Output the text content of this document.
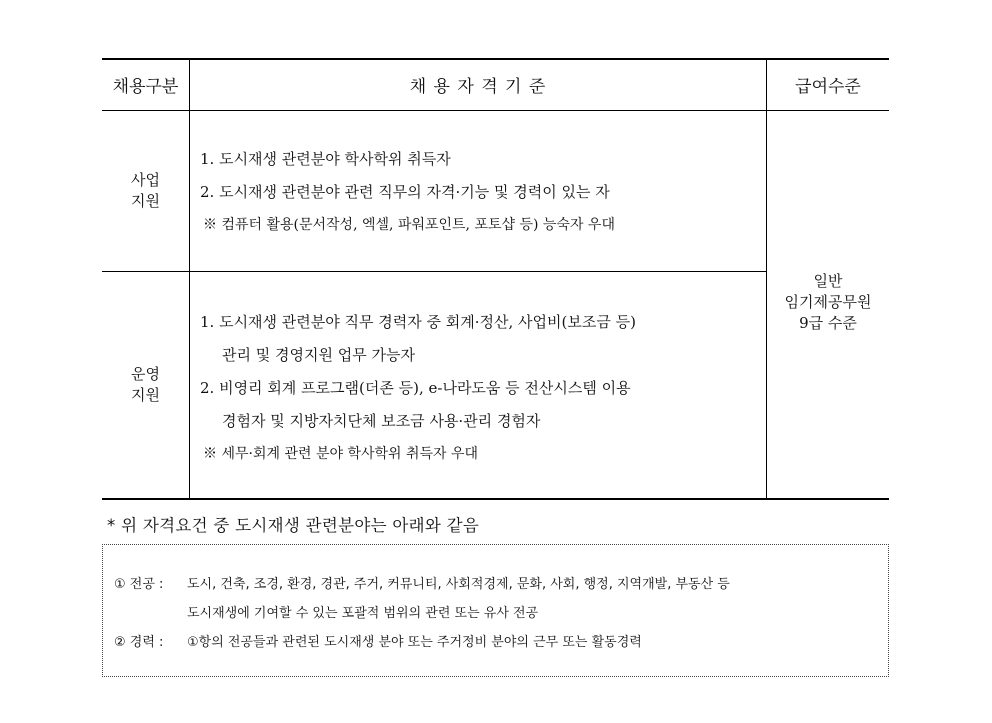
채용구분	채 용 자 격 기 준	급여수준
사업
지원
1. 도시재생 관련분야 학사학위 취득자
2. 도시재생 관련분야 관련 직무의 자격·기능 및 경력이 있는 자
※ 컴퓨터 활용(문서작성, 엑셀, 파워포인트, 포토샵 등) 능숙자 우대
운영
지원
1. 도시재생 관련분야 직무 경력자 중 회계·정산, 사업비(보조금 등)
관리 및 경영지원 업무 가능자
2. 비영리 회계 프로그램(더존 등), e-나라도움 등 전산시스템 이용
경험자 및 지방자치단체 보조금 사용·관리 경험자
※ 세무·회계 관련 분야 학사학위 취득자 우대
일반
임기제공무원
9급 수준
* 위 자격요건 중 도시재생 관련분야는 아래와 같음
① 전공 : 도시, 건축, 조경, 환경, 경관, 주거, 커뮤니티, 사회적경제, 문화, 사회, 행정, 지역개발, 부동산 등
도시재생에 기여할 수 있는 포괄적 범위의 관련 또는 유사 전공
② 경력 : ①항의 전공들과 관련된 도시재생 분야 또는 주거정비 분야의 근무 또는 활동경력
